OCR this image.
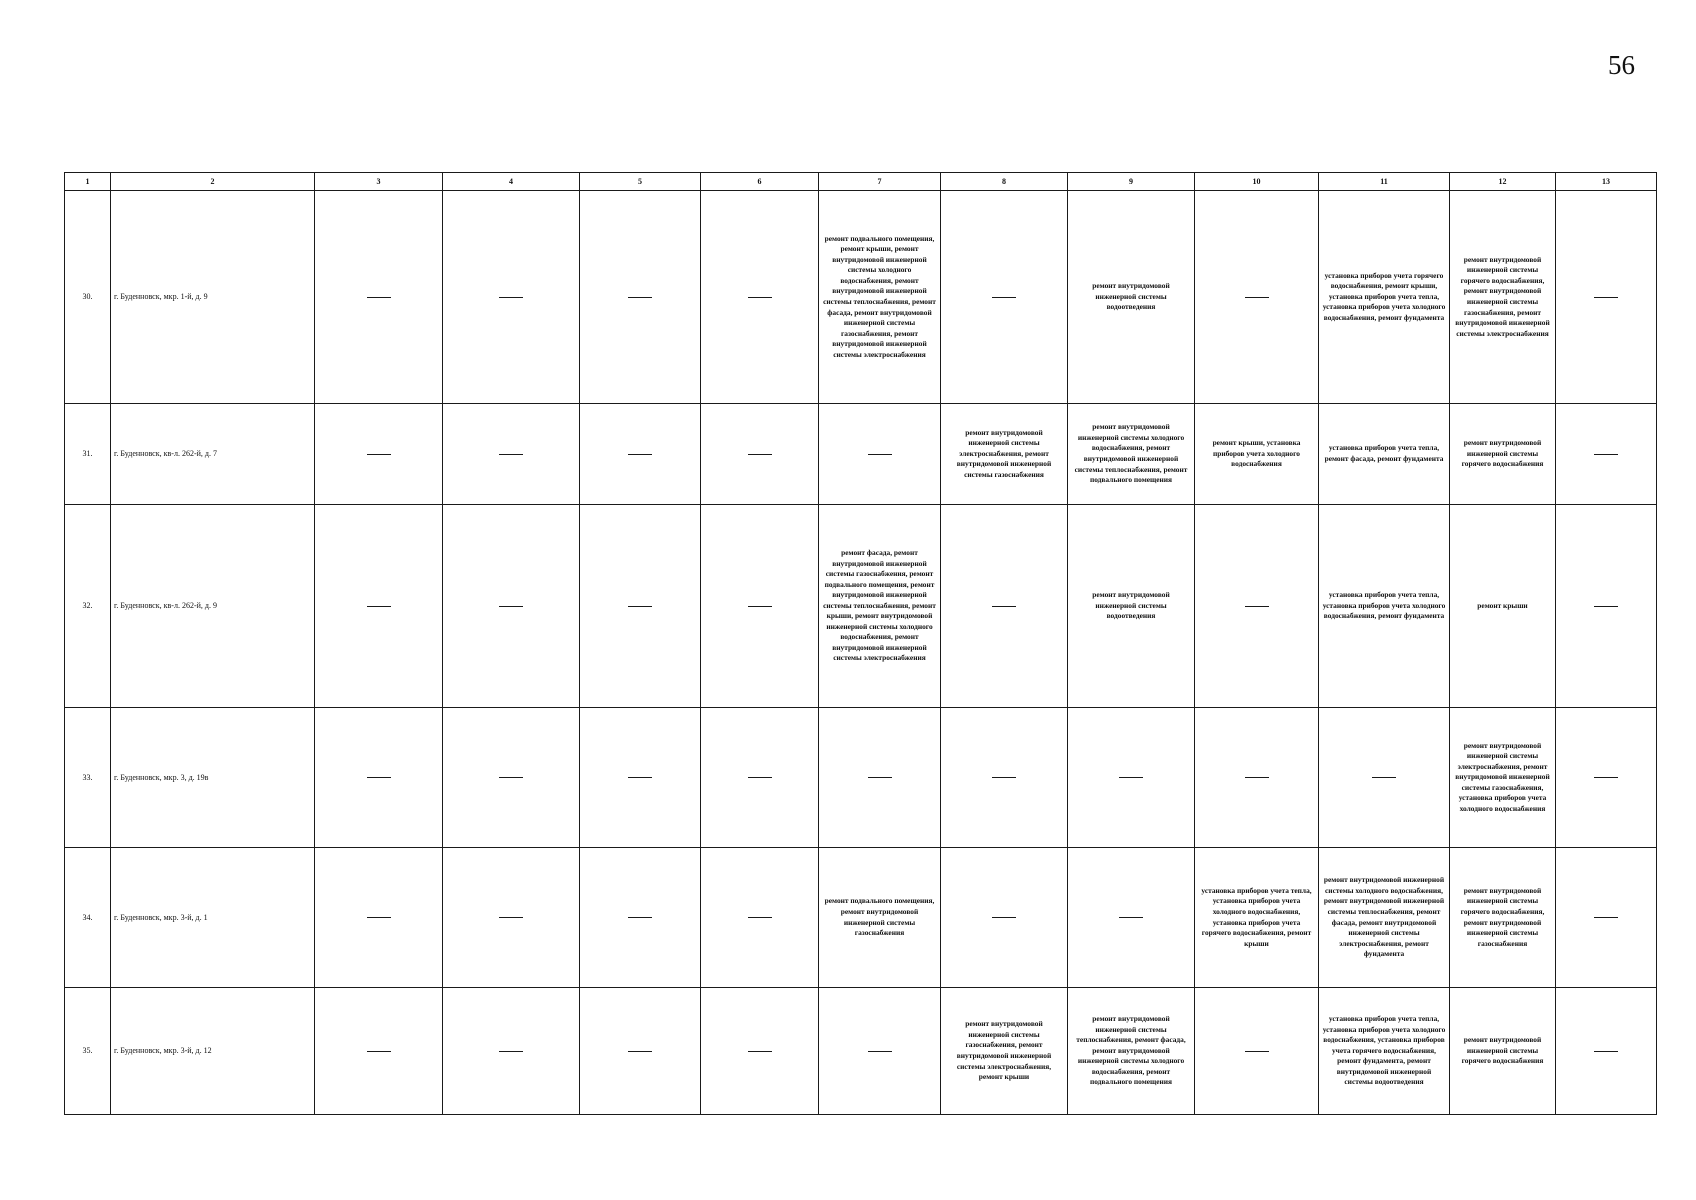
56
1	2	3	4	5	6	7	8	9	10	11	12	13
30.	г. Буденновск, мкр. 1-й, д. 9					ремонт подвального помещения, ремонт крыши, ремонт внутридомовой инженерной системы холодного водоснабжения, ремонт внутридомовой инженерной системы теплоснабжения, ремонт фасада, ремонт внутридомовой инженерной системы газоснабжения, ремонт внутридомовой инженерной системы электроснабжения		ремонт внутридомовой инженерной системы водоотведения		установка приборов учета горячего водоснабжения, ремонт крыши, установка приборов учета тепла, установка приборов учета холодного водоснабжения, ремонт фундамента	ремонт внутридомовой инженерной системы горячего водоснабжения, ремонт внутридомовой инженерной системы газоснабжения, ремонт внутридомовой инженерной системы электроснабжения	
31.	г. Буденновск, кв-л. 262-й, д. 7						ремонт внутридомовой инженерной системы электроснабжения, ремонт внутридомовой инженерной системы газоснабжения	ремонт внутридомовой инженерной системы холодного водоснабжения, ремонт внутридомовой инженерной системы теплоснабжения, ремонт подвального помещения	ремонт крыши, установка приборов учета холодного водоснабжения	установка приборов учета тепла, ремонт фасада, ремонт фундамента	ремонт внутридомовой инженерной системы горячего водоснабжения	
32.	г. Буденновск, кв-л. 262-й, д. 9					ремонт фасада, ремонт внутридомовой инженерной системы газоснабжения, ремонт подвального помещения, ремонт внутридомовой инженерной системы теплоснабжения, ремонт крыши, ремонт внутридомовой инженерной системы холодного водоснабжения, ремонт внутридомовой инженерной системы электроснабжения		ремонт внутридомовой инженерной системы водоотведения		установка приборов учета тепла, установка приборов учета холодного водоснабжения, ремонт фундамента	ремонт крыши	
33.	г. Буденновск, мкр. 3, д. 19в										ремонт внутридомовой инженерной системы электроснабжения, ремонт внутридомовой инженерной системы газоснабжения, установка приборов учета холодного водоснабжения	
34.	г. Буденновск, мкр. 3-й, д. 1					ремонт подвального помещения, ремонт внутридомовой инженерной системы газоснабжения			установка приборов учета тепла, установка приборов учета холодного водоснабжения, установка приборов учета горячего водоснабжения, ремонт крыши	ремонт внутридомовой инженерной системы холодного водоснабжения, ремонт внутридомовой инженерной системы теплоснабжения, ремонт фасада, ремонт внутридомовой инженерной системы электроснабжения, ремонт фундамента	ремонт внутридомовой инженерной системы горячего водоснабжения, ремонт внутридомовой инженерной системы газоснабжения	
35.	г. Буденновск, мкр. 3-й, д. 12						ремонт внутридомовой инженерной системы газоснабжения, ремонт внутридомовой инженерной системы электроснабжения, ремонт крыши	ремонт внутридомовой инженерной системы теплоснабжения, ремонт фасада, ремонт внутридомовой инженерной системы холодного водоснабжения, ремонт подвального помещения		установка приборов учета тепла, установка приборов учета холодного водоснабжения, установка приборов учета горячего водоснабжения, ремонт фундамента, ремонт внутридомовой инженерной системы водоотведения	ремонт внутридомовой инженерной системы горячего водоснабжения	
